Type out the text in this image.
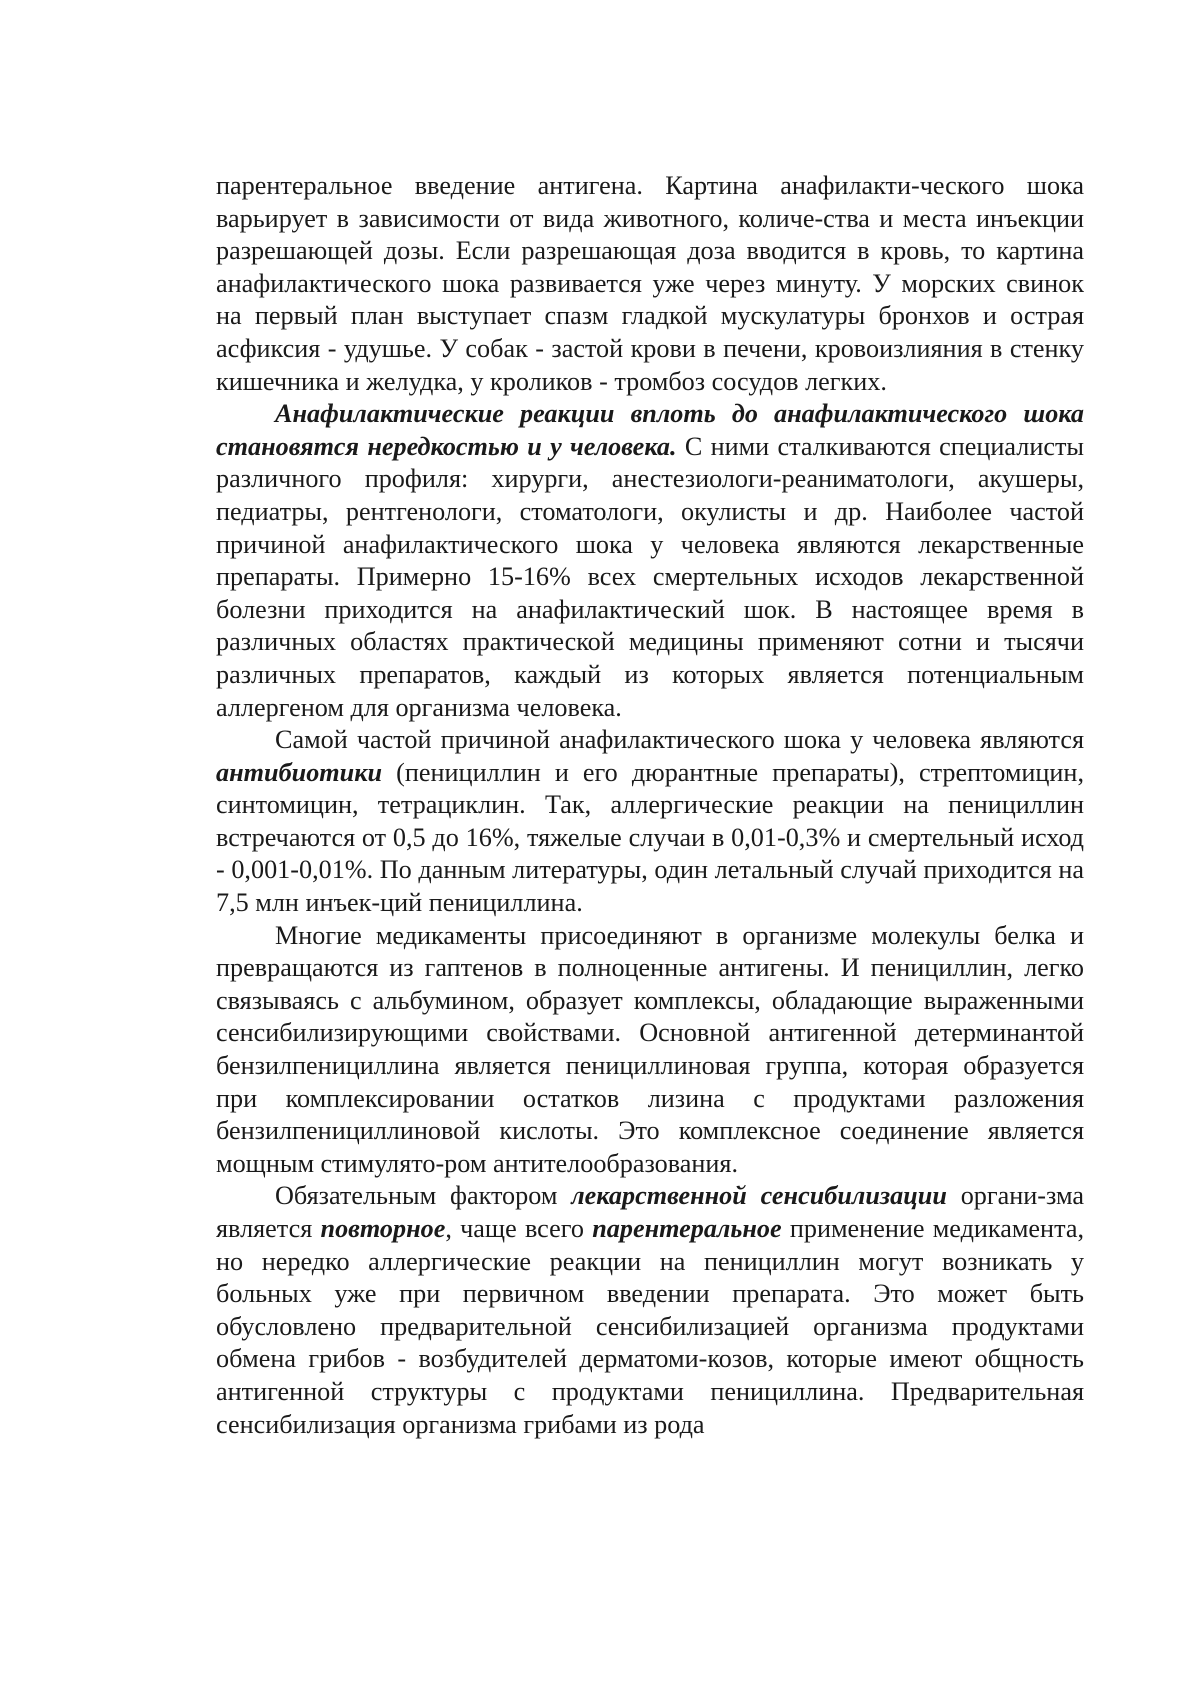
парентеральное введение антигена. Картина анафилакти-ческого шока варьирует в зависимости от вида животного, количе-ства и места инъекции разрешающей дозы. Если разрешающая доза вводится в кровь, то картина анафилактического шока развивается уже через минуту. У морских свинок на первый план выступает спазм гладкой мускулатуры бронхов и острая асфиксия - удушье. У собак - застой крови в печени, кровоизлияния в стенку кишечника и желудка, у кроликов - тромбоз сосудов легких.

Анафилактические реакции вплоть до анафилактического шока становятся нередкостью и у человека. С ними сталкиваются специалисты различного профиля: хирурги, анестезиологи-реаниматологи, акушеры, педиатры, рентгенологи, стоматологи, окулисты и др. Наиболее частой причиной анафилактического шока у человека являются лекарственные препараты. Примерно 15-16% всех смертельных исходов лекарственной болезни приходится на анафилактический шок. В настоящее время в различных областях практической медицины применяют сотни и тысячи различных препаратов, каждый из которых является потенциальным аллергеном для организма человека.

Самой частой причиной анафилактического шока у человека являются антибиотики (пенициллин и его дюрантные препараты), стрептомицин, синтомицин, тетрациклин. Так, аллергические реакции на пенициллин встречаются от 0,5 до 16%, тяжелые случаи в 0,01-0,3% и смертельный исход - 0,001-0,01%. По данным литературы, один летальный случай приходится на 7,5 млн инъек-ций пенициллина.

Многие медикаменты присоединяют в организме молекулы белка и превращаются из гаптенов в полноценные антигены. И пенициллин, легко связываясь с альбумином, образует комплексы, обладающие выраженными сенсибилизирующими свойствами. Основной антигенной детерминантой бензилпенициллина является пенициллиновая группа, которая образуется при комплексировании остатков лизина с продуктами разложения бензилпенициллиновой кислоты. Это комплексное соединение является мощным стимулято-ром антителообразования.

Обязательным фактором лекарственной сенсибилизации органи-зма является повторное, чаще всего парентеральное применение медикамента, но нередко аллергические реакции на пенициллин могут возникать у больных уже при первичном введении препарата. Это может быть обусловлено предварительной сенсибилизацией организма продуктами обмена грибов - возбудителей дерматоми-козов, которые имеют общность антигенной структуры с продуктами пенициллина. Предварительная сенсибилизация организма грибами из рода
